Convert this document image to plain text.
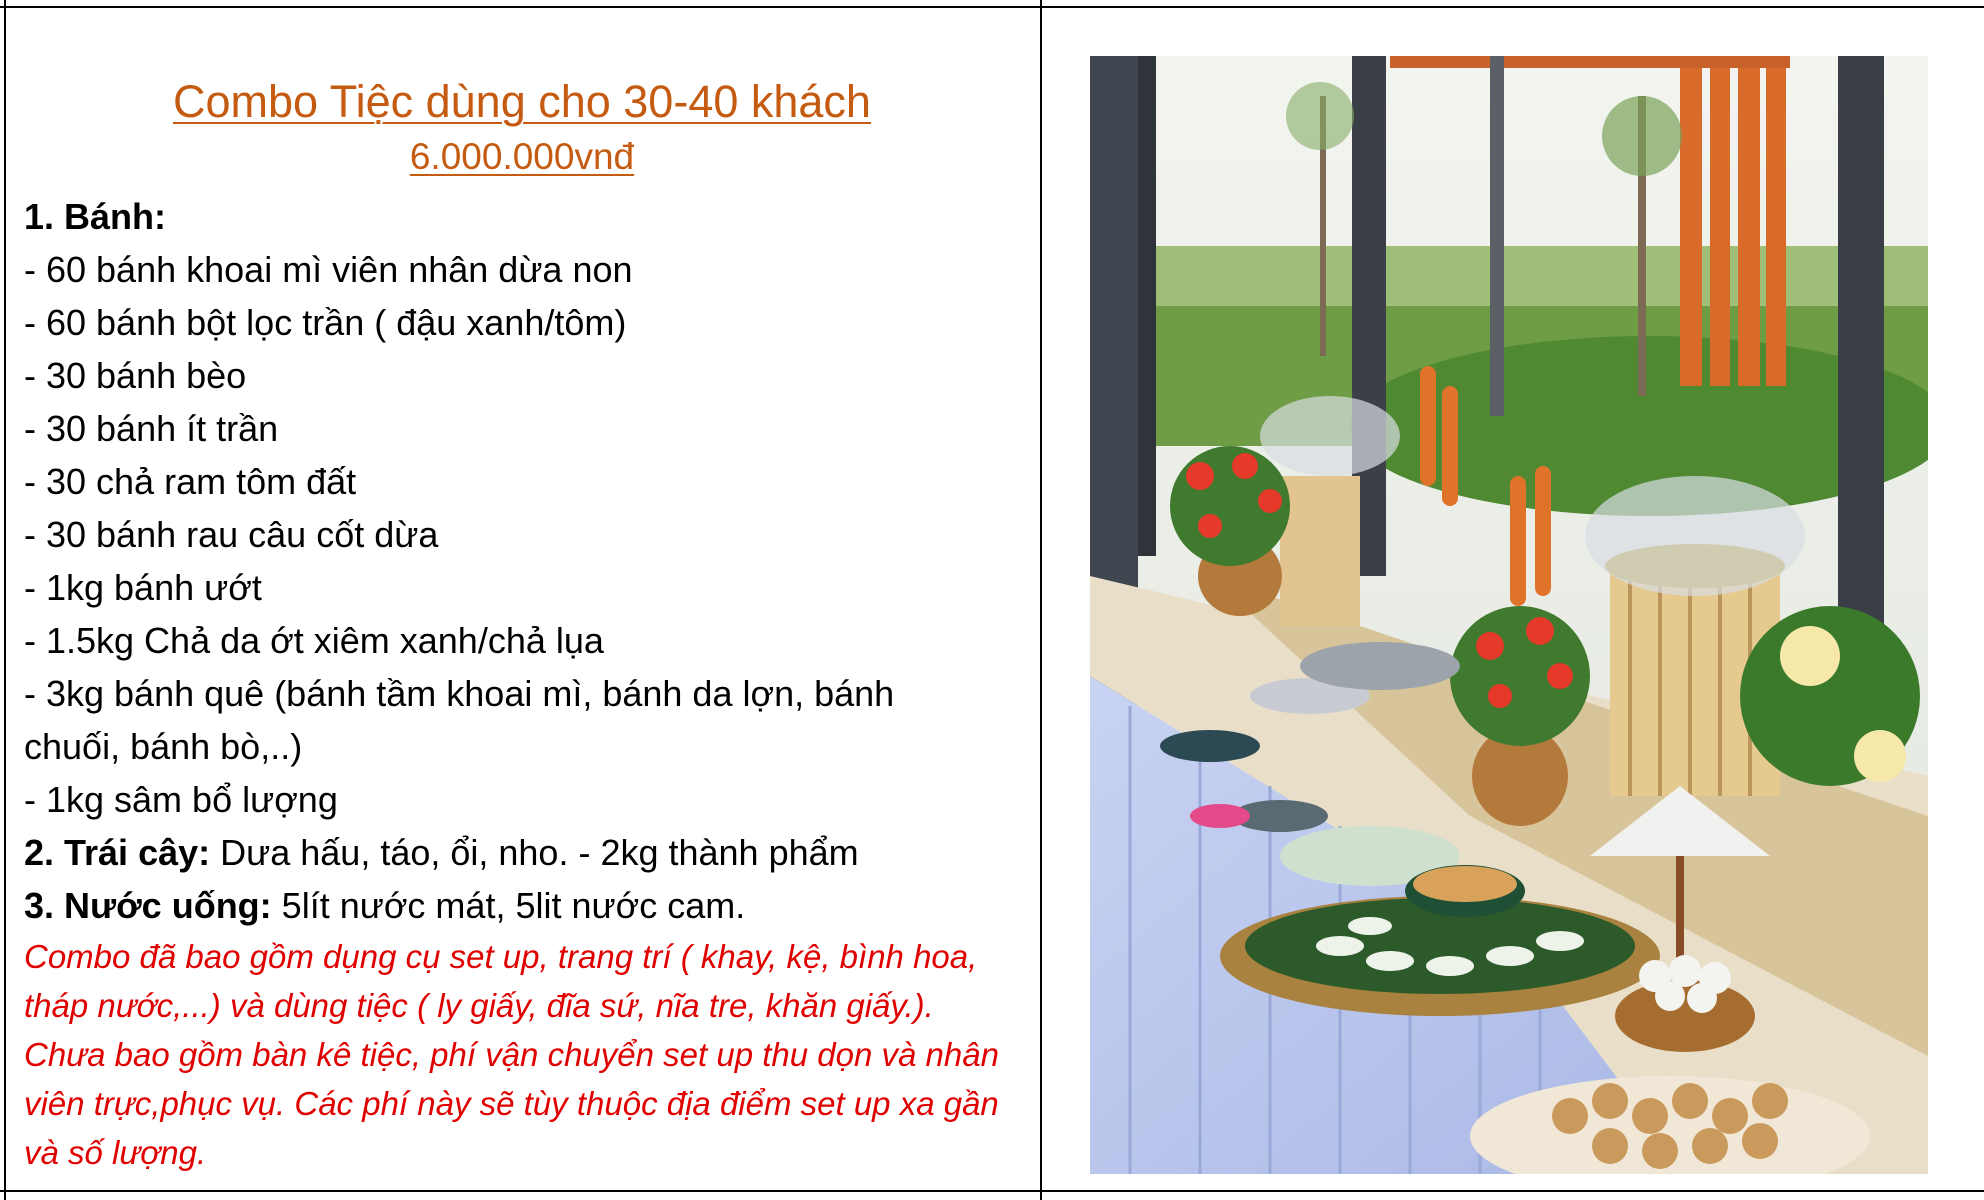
Combo Tiệc dùng cho 30-40 khách
6.000.000vnđ
1. Bánh:
- 60 bánh khoai mì viên nhân dừa non
- 60 bánh bột lọc trần ( đậu xanh/tôm)
- 30 bánh bèo
- 30 bánh ít trần
- 30 chả ram tôm đất
- 30 bánh rau câu cốt dừa
- 1kg bánh ướt
- 1.5kg Chả da ớt xiêm xanh/chả lụa
- 3kg bánh quê (bánh tầm khoai mì, bánh da lợn, bánh chuối, bánh bò,..)
- 1kg sâm bổ lượng
2. Trái cây: Dưa hấu, táo, ổi, nho. - 2kg thành phẩm
3. Nước uống: 5lít nước mát, 5lit nước cam.
Combo đã bao gồm dụng cụ set up, trang trí ( khay, kệ, bình hoa, tháp nước,...) và dùng tiệc ( ly giấy, đĩa sứ, nĩa tre, khăn giấy.). Chưa bao gồm bàn kê tiệc, phí vận chuyển set up thu dọn và nhân viên trực,phục vụ. Các phí này sẽ tùy thuộc địa điểm set up xa gần và số lượng.
